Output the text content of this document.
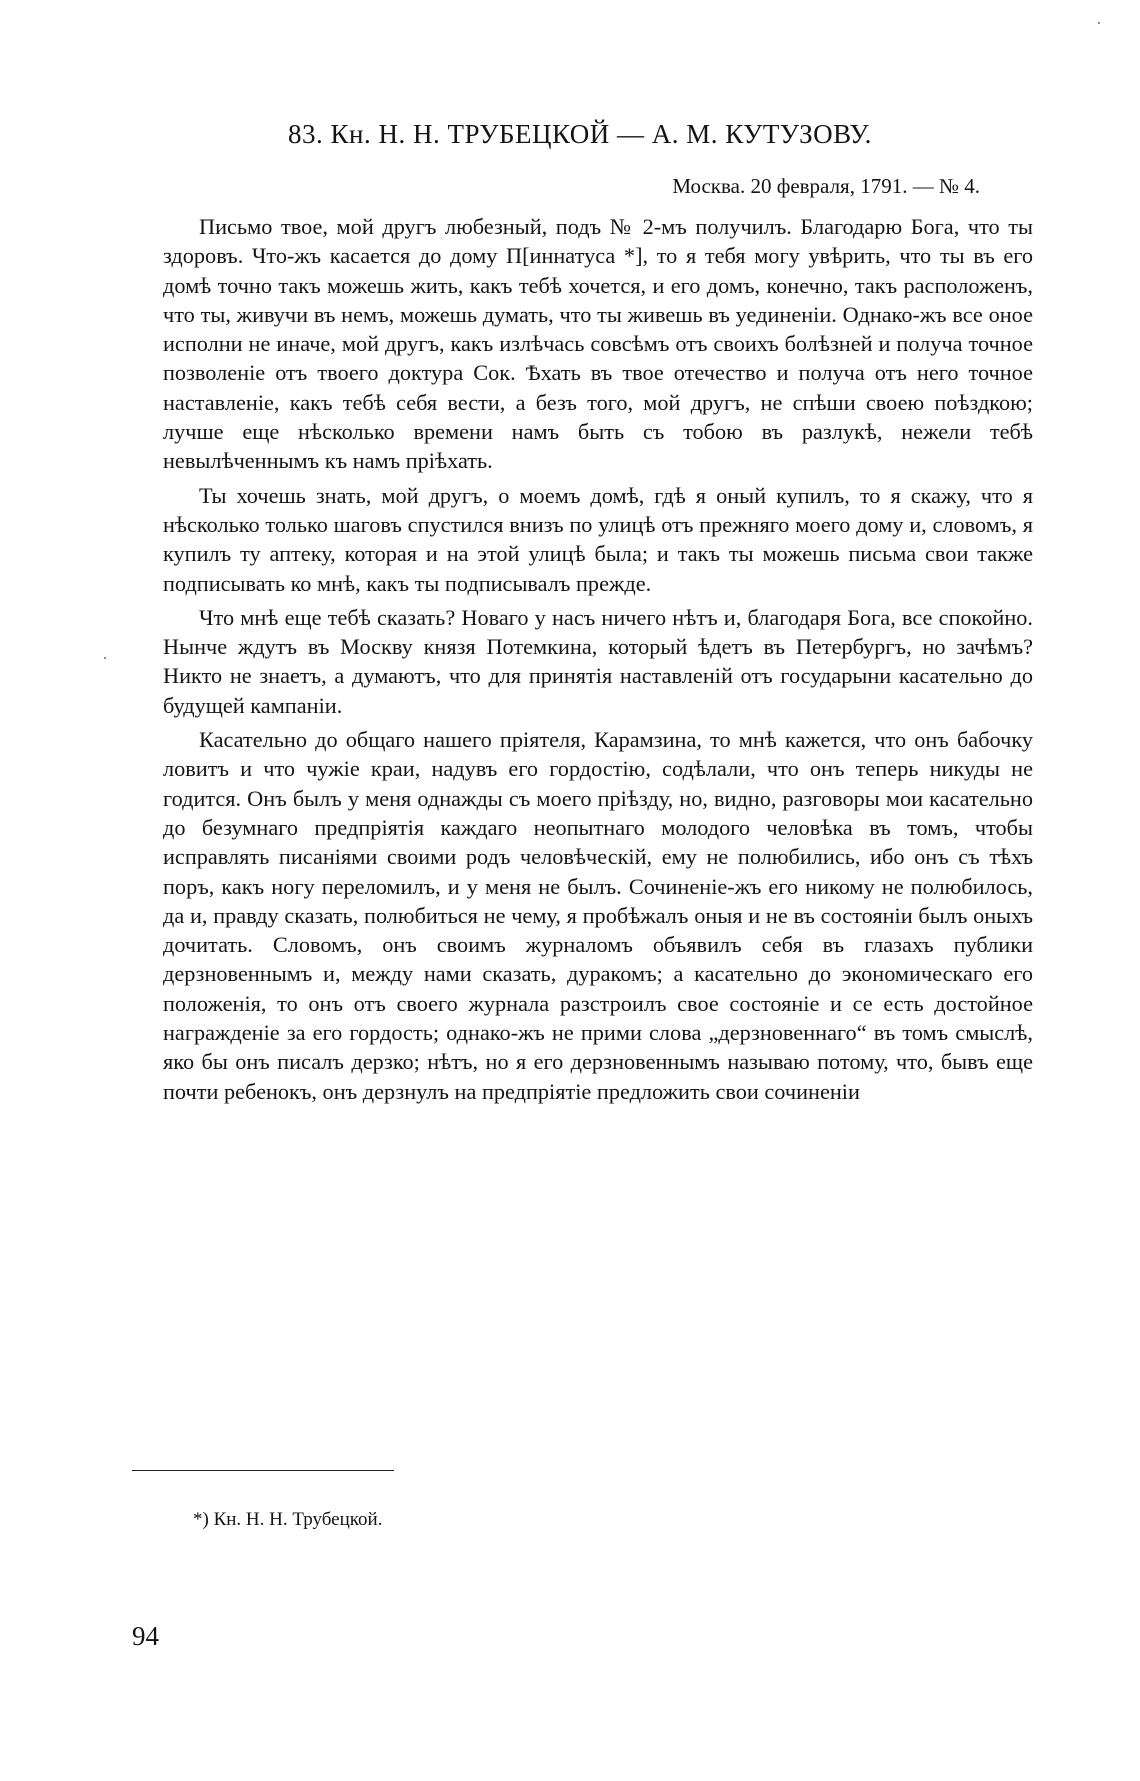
83. Кн. Н. Н. ТРУБЕЦКОЙ — А. М. КУТУЗОВУ.
Москва. 20 февраля, 1791. — № 4.

Письмо твое, мой другъ любезный, подъ № 2-мъ получилъ. Благодарю Бога, что ты здоровъ. Что-жъ касается до дому П[иннатуса *], то я тебя могу увѣрить, что ты въ его домѣ точно такъ можешь жить, какъ тебѣ хочется, и его домъ, конечно, такъ расположенъ, что ты, живучи въ немъ, можешь думать, что ты живешь въ уединеніи. Однако-жъ все оное исполни не иначе, мой другъ, какъ излѣчась совсѣмъ отъ своихъ болѣзней и получа точное позволеніе отъ твоего доктура Сок. Ѣхать въ твое отечество и получа отъ него точное наставленіе, какъ тебѣ себя вести, а безъ того, мой другъ, не спѣши своею поѣздкою; лучше еще нѣсколько времени намъ быть съ тобою въ разлукѣ, нежели тебѣ невылѣченнымъ къ намъ пріѣхать.

Ты хочешь знать, мой другъ, о моемъ домѣ, гдѣ я оный купилъ, то я скажу, что я нѣсколько только шаговъ спустился внизъ по улицѣ отъ прежняго моего дому и, словомъ, я купилъ ту аптеку, которая и на этой улицѣ была; и такъ ты можешь письма свои также подписывать ко мнѣ, какъ ты подписывалъ прежде.

Что мнѣ еще тебѣ сказать? Новаго у насъ ничего нѣтъ и, благодаря Бога, все спокойно. Нынче ждутъ въ Москву князя Потемкина, который ѣдетъ въ Петербургъ, но зачѣмъ? Никто не знаетъ, а думаютъ, что для принятія наставленій отъ государыни касательно до будущей кампаніи.

Касательно до общаго нашего пріятеля, Карамзина, то мнѣ кажется, что онъ бабочку ловитъ и что чужіе краи, надувъ его гордостію, содѣлали, что онъ теперь никуды не годится. Онъ былъ у меня однажды съ моего пріѣзду, но, видно, разговоры мои касательно до безумнаго предпріятія каждаго неопытнаго молодого человѣка въ томъ, чтобы исправлять писаніями своими родъ человѣческій, ему не полюбились, ибо онъ съ тѣхъ поръ, какъ ногу переломилъ, и у меня не былъ. Сочиненіе-жъ его никому не полюбилось, да и, правду сказать, полюбиться не чему, я пробѣжалъ оныя и не въ состояніи былъ оныхъ дочитать. Словомъ, онъ своимъ журналомъ объявилъ себя въ глазахъ публики дерзновеннымъ и, между нами сказать, дуракомъ; а касательно до экономическаго его положенія, то онъ отъ своего журнала разстроилъ свое состояніе и се есть достойное награжденіе за его гордость; однако-жъ не прими слова „дерзновеннаго“ въ томъ смыслѣ, яко бы онъ писалъ дерзко; нѣтъ, но я его дерзновеннымъ называю потому, что, бывъ еще почти ребенокъ, онъ дерзнулъ на предпріятіе предложить свои сочиненіи

*) Кн. Н. Н. Трубецкой.
94
